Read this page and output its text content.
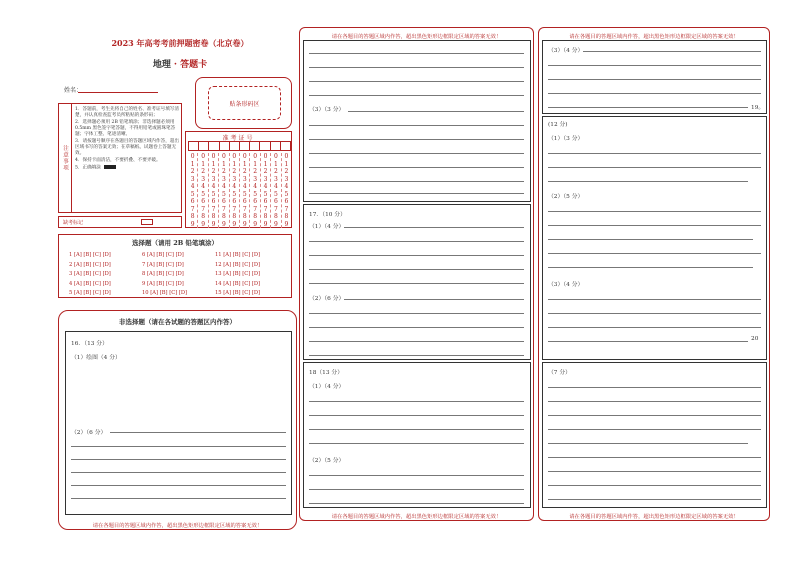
2023 年高考考前押题密卷（北京卷）
地理 · 答题卡
姓名：
贴条形码区
注意事项
1．答题前，考生先将自己的姓名、准考证号填写清楚，并认真检查监考员所粘贴的条形码；
2．选择题必须用 2B 铅笔填涂；非选择题必须用 0.5mm 黑色签字笔答题，不得用铅笔或圆珠笔答题；字体工整、笔迹清晰。
3．请按题号顺序在各题目的答题区域内作答，超出区域书写的答案无效；在草稿纸、试题卷上答题无效。
4．保持卡面清洁，不要折叠、不要弄破。
5．正确填涂
缺考标记
准考证号
0
1
2
3
4
5
6
7
8
9
0
1
2
3
4
5
6
7
8
9
0
1
2
3
4
5
6
7
8
9
0
1
2
3
4
5
6
7
8
9
0
1
2
3
4
5
6
7
8
9
0
1
2
3
4
5
6
7
8
9
0
1
2
3
4
5
6
7
8
9
0
1
2
3
4
5
6
7
8
9
0
1
2
3
4
5
6
7
8
9
0
1
2
3
4
5
6
7
8
9
选择题（请用 2B 铅笔填涂）
1 [A] [B] [C] [D]
2 [A] [B] [C] [D]
3 [A] [B] [C] [D]
4 [A] [B] [C] [D]
5 [A] [B] [C] [D]
6 [A] [B] [C] [D]
7 [A] [B] [C] [D]
8 [A] [B] [C] [D]
9 [A] [B] [C] [D]
10 [A] [B] [C] [D]
11 [A] [B] [C] [D]
12 [A] [B] [C] [D]
13 [A] [B] [C] [D]
14 [A] [B] [C] [D]
15 [A] [B] [C] [D]
非选择题（请在各试题的答题区内作答）
16．（13 分）
（1）绘图（4 分）
（2）（6 分）
请在各题目的答题区域内作答，超出黑色矩形边框限定区域的答案无效！
请在各题目的答题区域内作答，超出黑色矩形边框限定区域的答案无效！
（3）（3 分）
17．（10 分）
（1）（4 分）
（2）（6 分）
18（13 分）
（1）（4 分）
（2）（5 分）
请在各题目的答题区域内作答，超出黑色矩形边框限定区域的答案无效！
请在各题目的答题区域内作答，超出黑色矩形边框限定区域的答案无效！
（3）（4 分）
19。
(12 分)
（1）（3 分）
（2）（5 分）
（3）（4 分）
20
（7 分）
请在各题目的答题区域内作答，超出黑色矩形边框限定区域的答案无效！
